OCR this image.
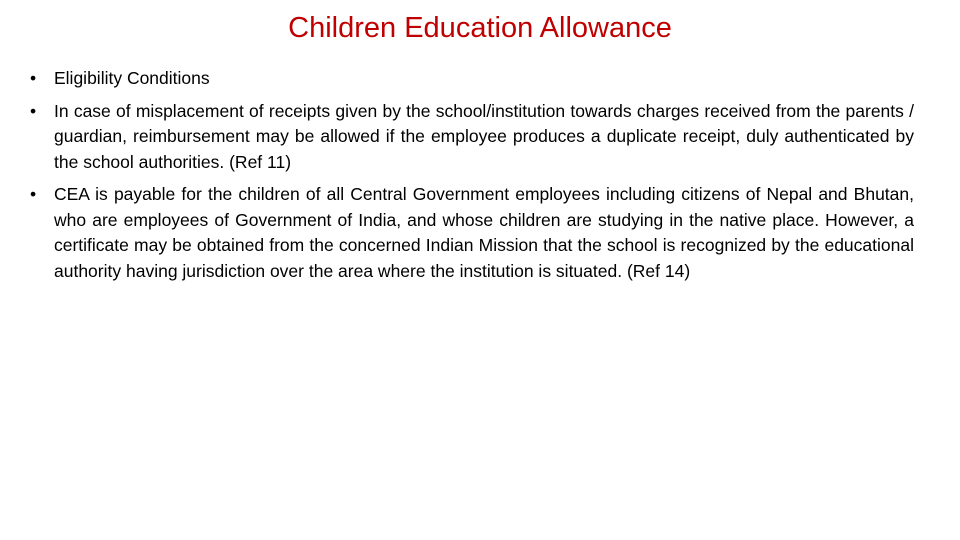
Children Education Allowance
•	Eligibility Conditions
•	In case of misplacement of receipts given by the school/institution towards charges received from the parents / guardian, reimbursement may be allowed if the employee produces a duplicate receipt, duly authenticated by the school authorities. (Ref 11)
•	CEA is payable for the children of all Central Government employees including citizens of Nepal and Bhutan, who are employees of Government of India, and whose children are studying in the native place. However, a certificate may be obtained from the concerned Indian Mission that the school is recognized by the educational authority having jurisdiction over the area where the institution is situated. (Ref 14)
